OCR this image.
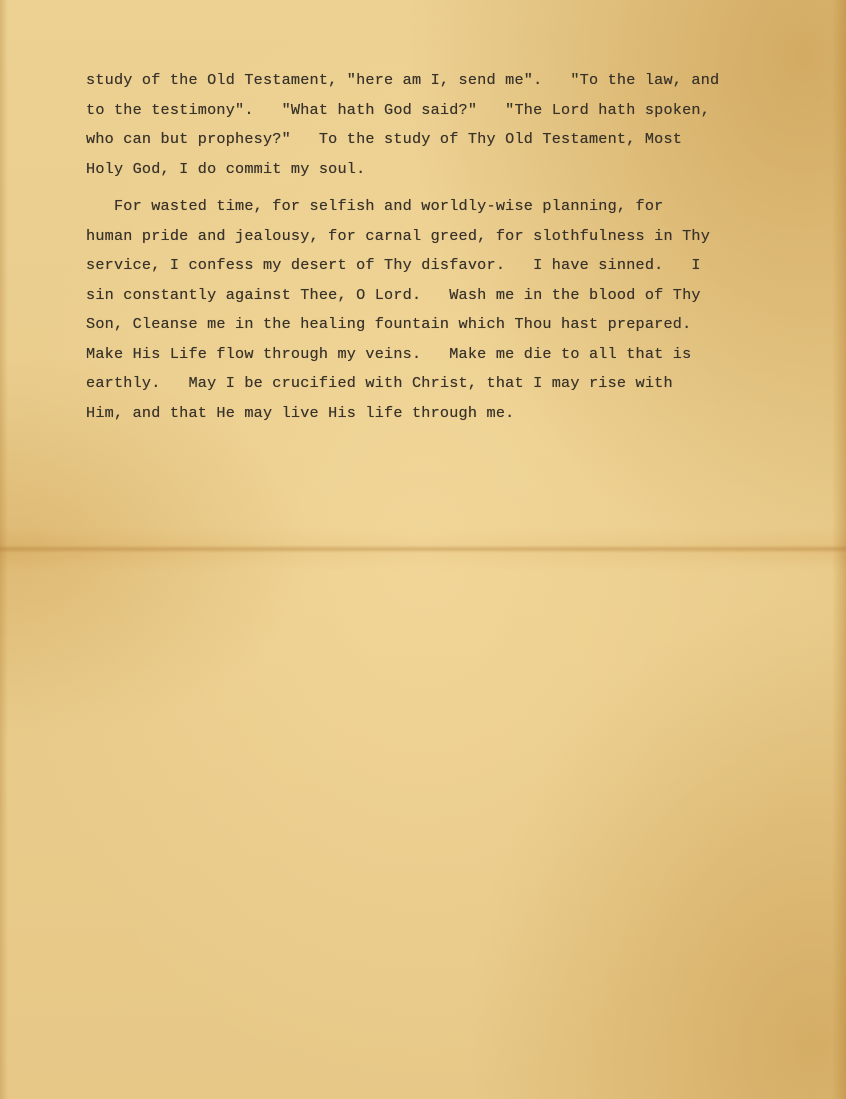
study of the Old Testament, "here am I, send me".   "To the law, and
to the testimony".   "What hath God said?"   "The Lord hath spoken,
who can but prophesy?"   To the study of Thy Old Testament, Most
Holy God, I do commit my soul.
For wasted time, for selfish and worldly-wise planning, for
human pride and jealousy, for carnal greed, for slothfulness in Thy
service, I confess my desert of Thy disfavor.   I have sinned.   I
sin constantly against Thee, O Lord.   Wash me in the blood of Thy
Son, Cleanse me in the healing fountain which Thou hast prepared.
Make His Life flow through my veins.   Make me die to all that is
earthly.   May I be crucified with Christ, that I may rise with
Him, and that He may live His life through me.
